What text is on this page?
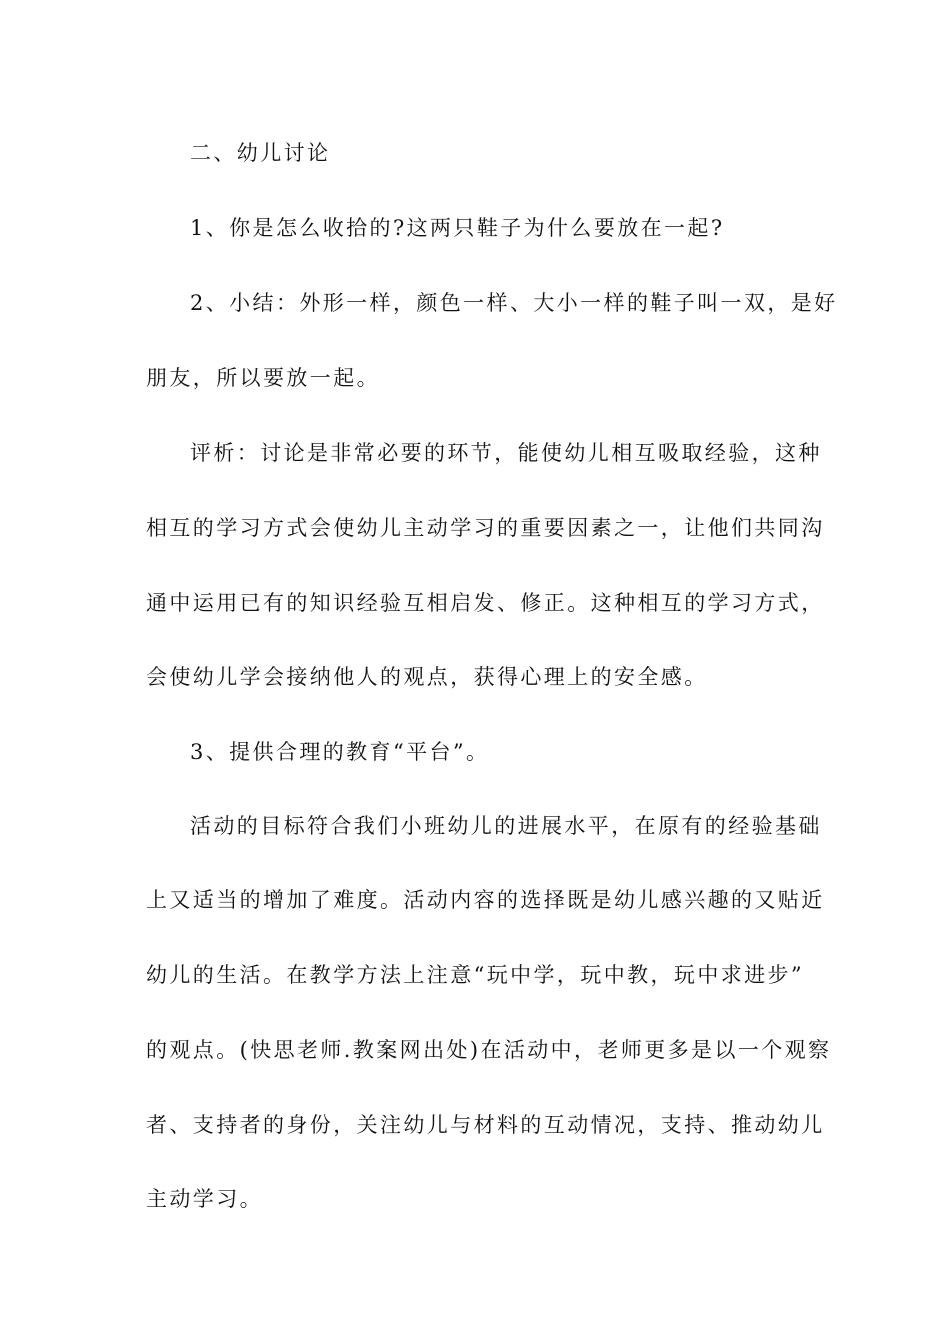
二、幼儿讨论
1、你是怎么收拾的?这两只鞋子为什么要放在一起?
2、小结：外形一样，颜色一样、大小一样的鞋子叫一双，是好
朋友，所以要放一起。
评析：讨论是非常必要的环节，能使幼儿相互吸取经验，这种
相互的学习方式会使幼儿主动学习的重要因素之一，让他们共同沟
通中运用已有的知识经验互相启发、修正。这种相互的学习方式，
会使幼儿学会接纳他人的观点，获得心理上的安全感。
3、提供合理的教育“平台”。
活动的目标符合我们小班幼儿的进展水平，在原有的经验基础
上又适当的增加了难度。活动内容的选择既是幼儿感兴趣的又贴近
幼儿的生活。在教学方法上注意“玩中学，玩中教，玩中求进步”
的观点。(快思老师.教案网出处)在活动中，老师更多是以一个观察
者、支持者的身份，关注幼儿与材料的互动情况，支持、推动幼儿
主动学习。
